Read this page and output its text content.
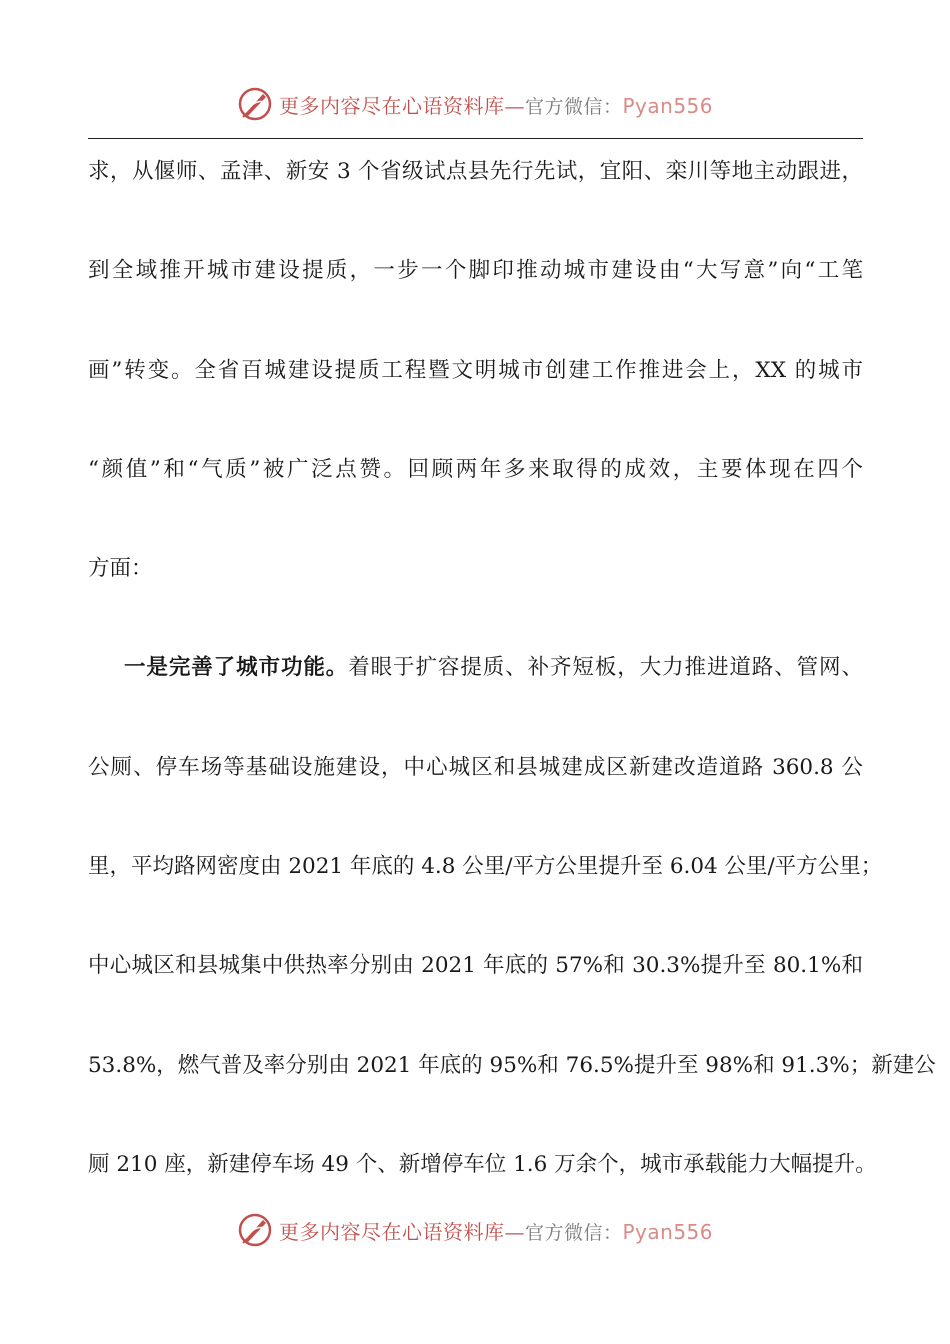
更多内容尽在心语资料库—官方微信：Pyan556
求，从偃师、孟津、新安 3 个省级试点县先行先试，宜阳、栾川等地主动跟进，
到全域推开城市建设提质，一步一个脚印推动城市建设由“大写意”向“工笔
画”转变。全省百城建设提质工程暨文明城市创建工作推进会上，XX 的城市
“颜值”和“气质”被广泛点赞。回顾两年多来取得的成效，主要体现在四个
方面：
一是完善了城市功能。着眼于扩容提质、补齐短板，大力推进道路、管网、
公厕、停车场等基础设施建设，中心城区和县城建成区新建改造道路 360.8 公
里，平均路网密度由 2021 年底的 4.8 公里/平方公里提升至 6.04 公里/平方公里；
中心城区和县城集中供热率分别由 2021 年底的 57%和 30.3%提升至 80.1%和
53.8%，燃气普及率分别由 2021 年底的 95%和 76.5%提升至 98%和 91.3%；新建公
厕 210 座，新建停车场 49 个、新增停车位 1.6 万余个，城市承载能力大幅提升。
更多内容尽在心语资料库—官方微信：Pyan556
